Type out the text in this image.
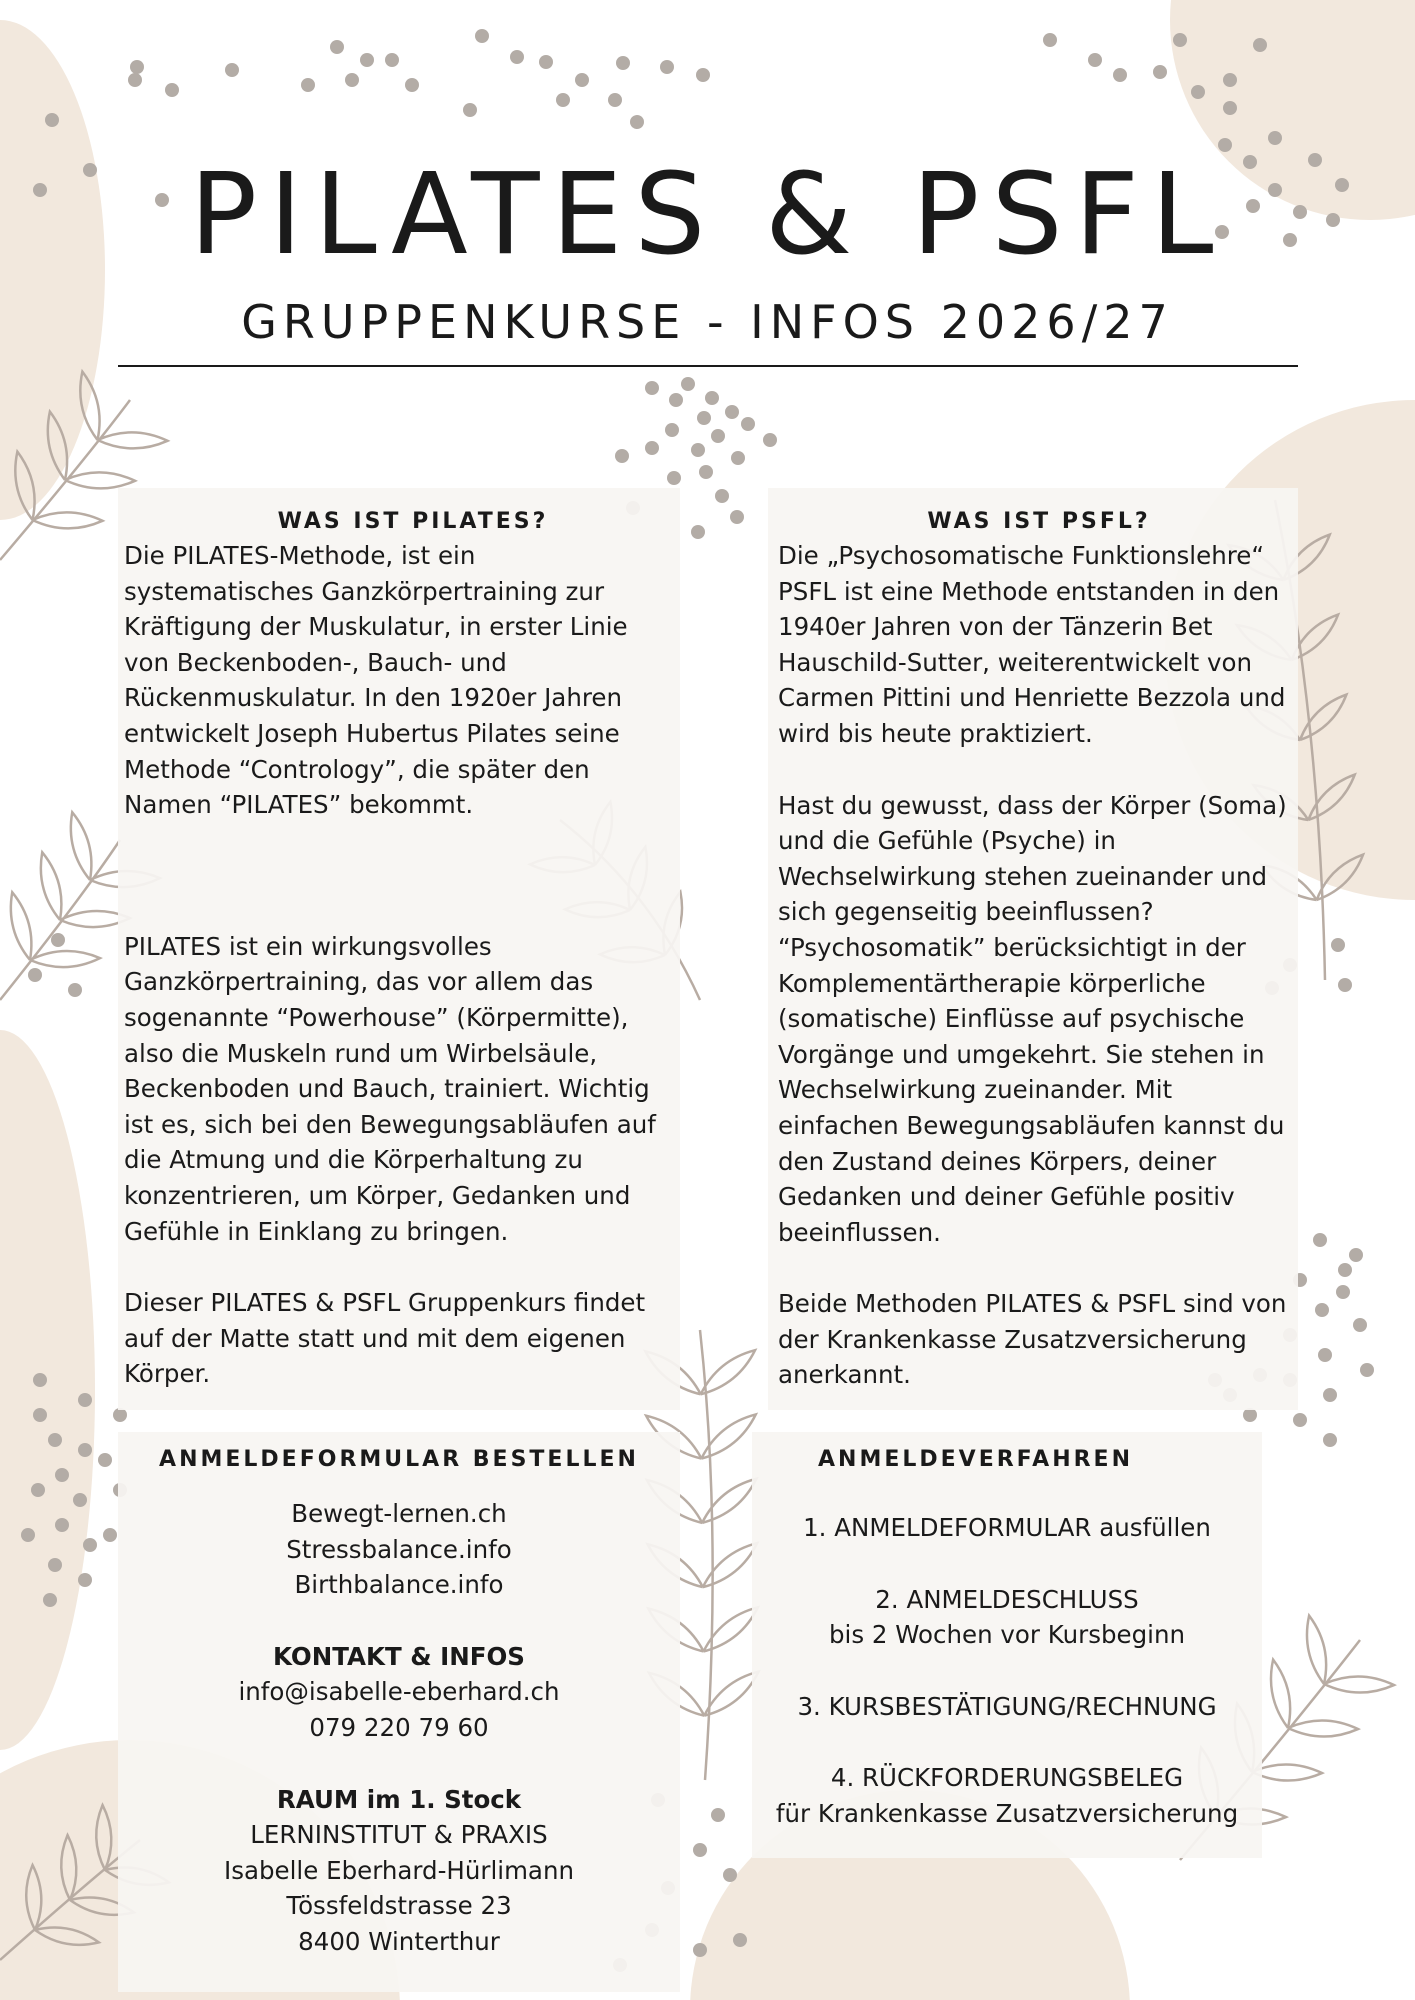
PILATES & PSFL
GRUPPENKURSE - INFOS 2026/27
WAS IST PILATES?

Die PILATES-Methode, ist ein systematisches Ganzkörpertraining zur Kräftigung der Muskulatur, in erster Linie von Beckenboden-, Bauch- und Rückenmuskulatur. In den 1920er Jahren entwickelt Joseph Hubertus Pilates seine Methode “Contrology”, die später den Namen “PILATES” bekommt.

PILATES ist ein wirkungsvolles Ganzkörpertraining, das vor allem das sogenannte “Powerhouse” (Körpermitte), also die Muskeln rund um Wirbelsäule, Beckenboden und Bauch, trainiert. Wichtig ist es, sich bei den Bewegungsabläufen auf die Atmung und die Körperhaltung zu konzentrieren, um Körper, Gedanken und Gefühle in Einklang zu bringen.

Dieser PILATES & PSFL Gruppenkurs findet auf der Matte statt und mit dem eigenen Körper.

WAS IST PSFL?

Die „Psychosomatische Funktionslehre“ PSFL ist eine Methode entstanden in den 1940er Jahren von der Tänzerin Bet Hauschild-Sutter, weiterentwickelt von Carmen Pittini und Henriette Bezzola und wird bis heute praktiziert.

Hast du gewusst, dass der Körper (Soma) und die Gefühle (Psyche) in Wechselwirkung stehen zueinander und sich gegenseitig beeinflussen? “Psychosomatik” berücksichtigt in der Komplementärtherapie körperliche (somatische) Einflüsse auf psychische Vorgänge und umgekehrt. Sie stehen in Wechselwirkung zueinander. Mit einfachen Bewegungsabläufen kannst du den Zustand deines Körpers, deiner Gedanken und deiner Gefühle positiv beeinflussen.

Beide Methoden PILATES & PSFL sind von der Krankenkasse Zusatzversicherung anerkannt.

ANMELDEFORMULAR BESTELLEN

Bewegt-lernen.ch

Stressbalance.info

Birthbalance.info

KONTAKT & INFOS

info@isabelle-eberhard.ch

079 220 79 60

RAUM im 1. Stock

LERNINSTITUT & PRAXIS

Isabelle Eberhard-Hürlimann

Tössfeldstrasse 23

8400 Winterthur

ANMELDEVERFAHREN

1. ANMELDEFORMULAR ausfüllen

2. ANMELDESCHLUSS

bis 2 Wochen vor Kursbeginn

3. KURSBESTÄTIGUNG/RECHNUNG

4. RÜCKFORDERUNGSBELEG

für Krankenkasse Zusatzversicherung
